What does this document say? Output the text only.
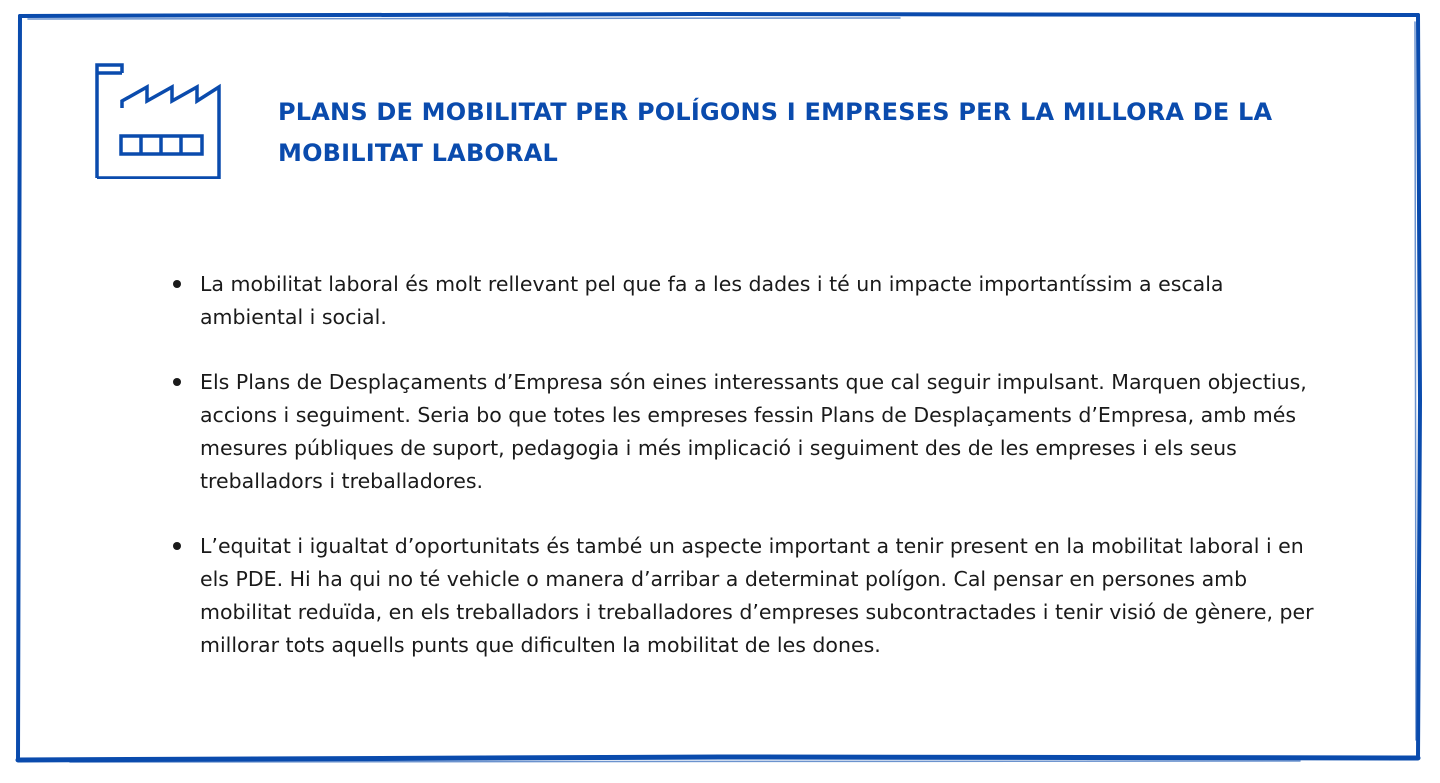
PLANS DE MOBILITAT PER POLÍGONS I EMPRESES PER LA MILLORA DE LA MOBILITAT LABORAL
La mobilitat laboral és molt rellevant pel que fa a les dades i té un impacte importantíssim a escala ambiental i social.
Els Plans de Desplaçaments d’Empresa són eines interessants que cal seguir impulsant. Marquen objectius, accions i seguiment. Seria bo que totes les empreses fessin Plans de Desplaçaments d’Empresa, amb més mesures públiques de suport, pedagogia i més implicació i seguiment des de les empreses i els seus treballadors i treballadores.
L’equitat i igualtat d’oportunitats és també un aspecte important a tenir present en la mobilitat laboral i en els PDE. Hi ha qui no té vehicle o manera d’arribar a determinat polígon. Cal pensar en persones amb mobilitat reduïda, en els treballadors i treballadores d’empreses subcontractades i tenir visió de gènere, per millorar tots aquells punts que dificulten la mobilitat de les dones.
